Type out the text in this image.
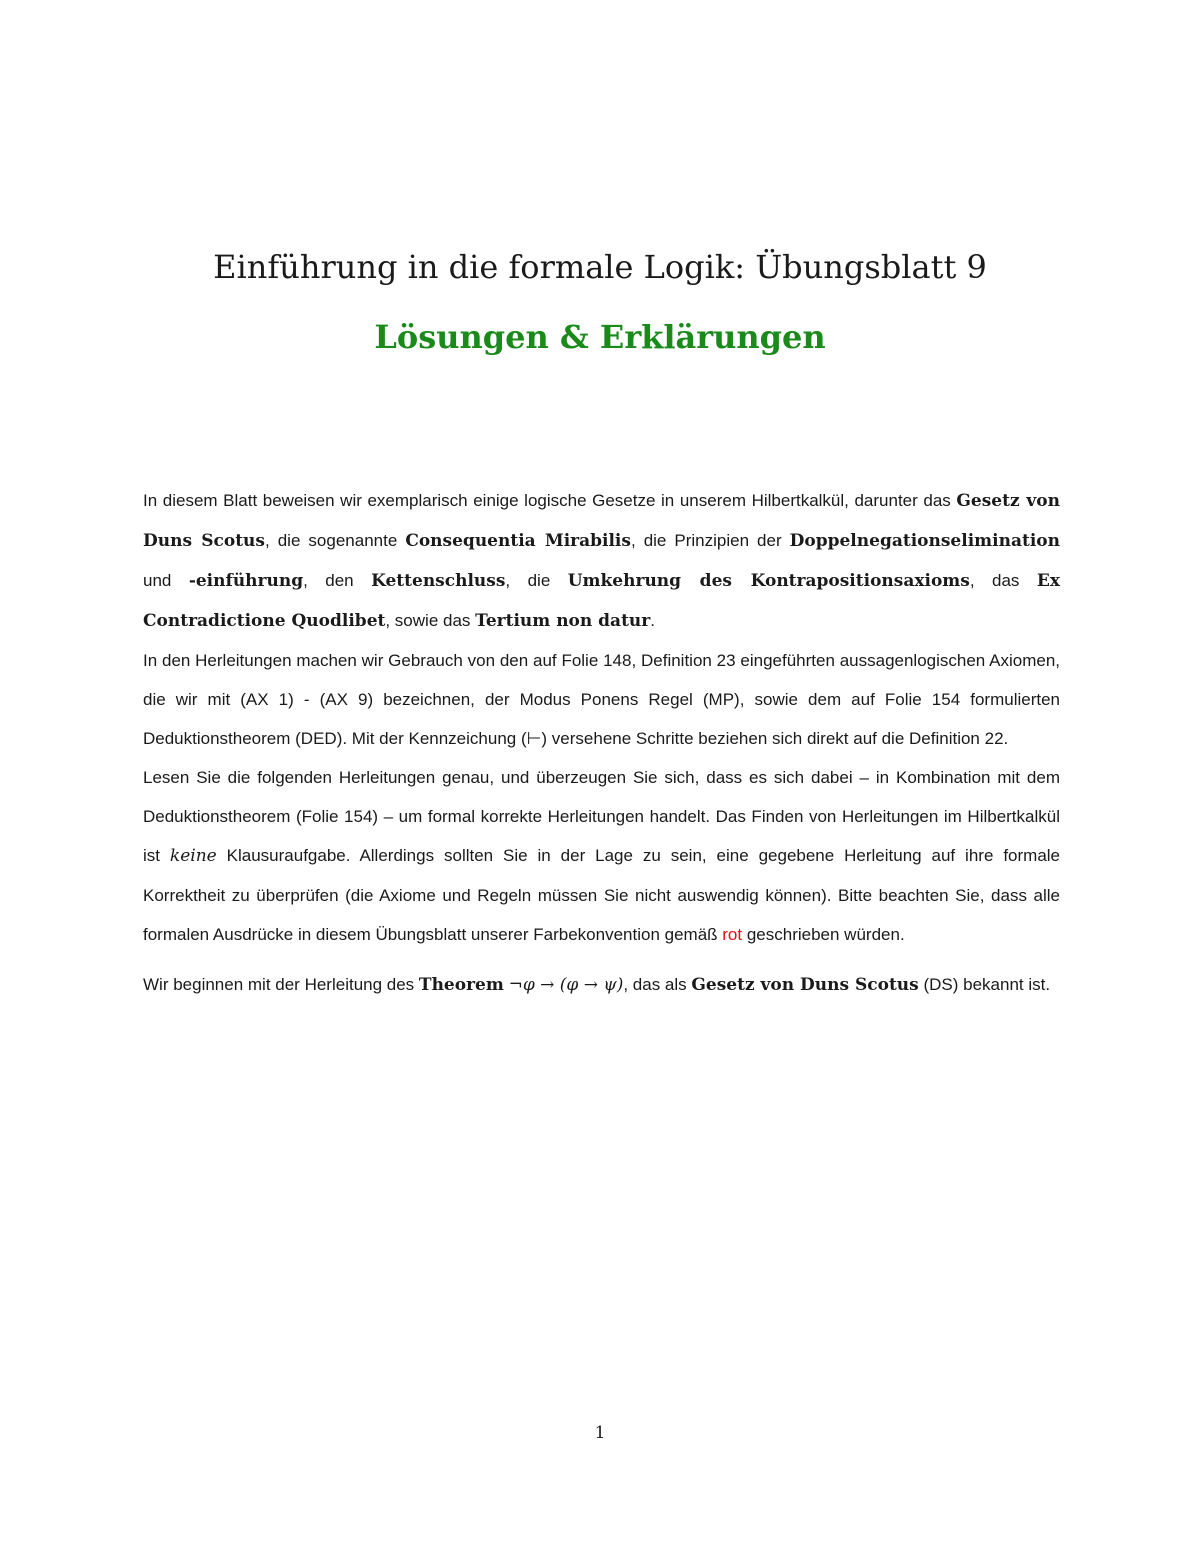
Einführung in die formale Logik: Übungsblatt 9 Lösungen & Erklärungen

In diesem Blatt beweisen wir exemplarisch einige logische Gesetze in unserem Hilbertkalkül, darunter das Gesetz von Duns Scotus, die sogenannte Consequentia Mirabilis, die Prinzipien der Doppelnegationselimination und -einführung, den Kettenschluss, die Umkehrung des Kontrapositionsaxioms, das Ex Contradictione Quodlibet, sowie das Tertium non datur.

In den Herleitungen machen wir Gebrauch von den auf Folie 148, Definition 23 eingeführten aussagenlogischen Axiomen, die wir mit (AX 1) - (AX 9) bezeichnen, der Modus Ponens Regel (MP), sowie dem auf Folie 154 formulierten Deduktionstheorem (DED). Mit der Kennzeichung (⊢) versehene Schritte beziehen sich direkt auf die Definition 22.

Lesen Sie die folgenden Herleitungen genau, und überzeugen Sie sich, dass es sich dabei – in Kombination mit dem Deduktionstheorem (Folie 154) – um formal korrekte Herleitungen handelt. Das Finden von Herleitungen im Hilbertkalkül ist keine Klausuraufgabe. Allerdings sollten Sie in der Lage zu sein, eine gegebene Herleitung auf ihre formale Korrektheit zu überprüfen (die Axiome und Regeln müssen Sie nicht auswendig können). Bitte beachten Sie, dass alle formalen Ausdrücke in diesem Übungsblatt unserer Farbekonvention gemäß rot geschrieben würden.

Wir beginnen mit der Herleitung des Theorem ¬φ → (φ → ψ), das als Gesetz von Duns Scotus (DS) bekannt ist.

1
